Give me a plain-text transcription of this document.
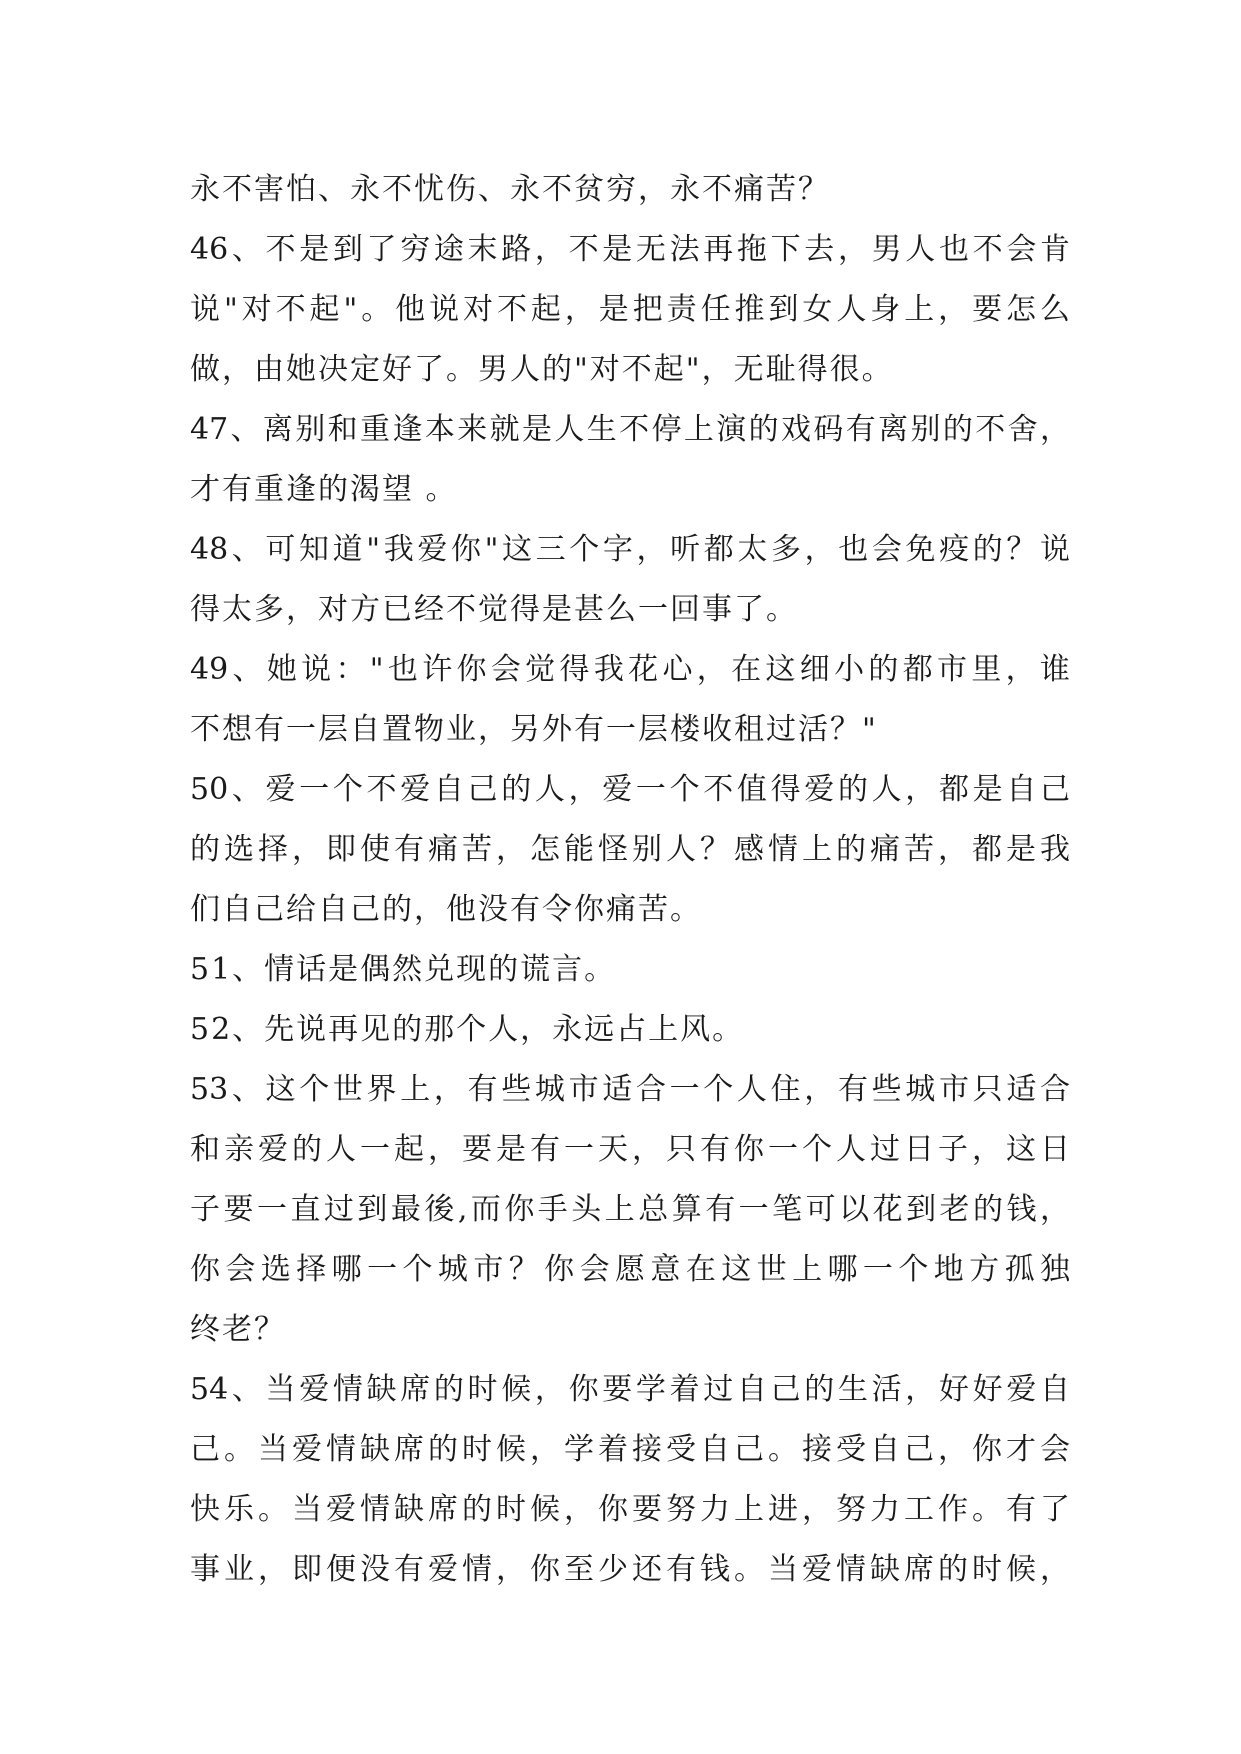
永不害怕、永不忧伤、永不贫穷，永不痛苦？
46、不是到了穷途末路，不是无法再拖下去，男人也不会肯
说"对不起"。他说对不起，是把责任推到女人身上，要怎么
做，由她决定好了。男人的"对不起"，无耻得很。
47、离别和重逢本来就是人生不停上演的戏码有离别的不舍，
才有重逢的渴望 。
48、可知道"我爱你"这三个字，听都太多，也会免疫的？说
得太多，对方已经不觉得是甚么一回事了。
49、她说："也许你会觉得我花心，在这细小的都市里，谁
不想有一层自置物业，另外有一层楼收租过活？"
50、爱一个不爱自己的人，爱一个不值得爱的人，都是自己
的选择，即使有痛苦，怎能怪别人？感情上的痛苦，都是我
们自己给自己的，他没有令你痛苦。
51、情话是偶然兑现的谎言。
52、先说再见的那个人，永远占上风。
53、这个世界上，有些城市适合一个人住，有些城市只适合
和亲爱的人一起，要是有一天，只有你一个人过日子，这日
子要一直过到最後,而你手头上总算有一笔可以花到老的钱，
你会选择哪一个城市？你会愿意在这世上哪一个地方孤独
终老？
54、当爱情缺席的时候，你要学着过自己的生活，好好爱自
己。当爱情缺席的时候，学着接受自己。接受自己，你才会
快乐。当爱情缺席的时候，你要努力上进，努力工作。有了
事业，即便没有爱情，你至少还有钱。当爱情缺席的时候，
